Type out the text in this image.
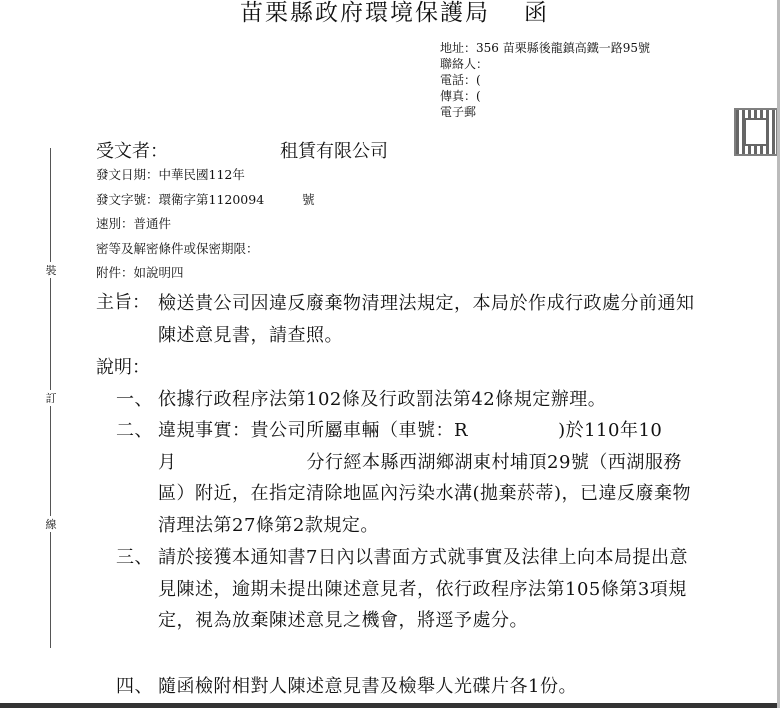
苗栗縣政府環境保護局 函
地址：356 苗栗縣後龍鎮高鐵一路95號
聯絡人：
電話：(
傳真：(
電子郵
裝
訂
線
受文者：	租賃有限公司
發文日期：中華民國112年
發文字號：環衛字第1120094	號
速別：普通件
密等及解密條件或保密期限：
附件：如說明四
主旨： 檢送貴公司因違反廢棄物清理法規定，本局於作成行政處分前通知陳述意見書，請查照。
說明：
一、 依據行政程序法第102條及行政罰法第42條規定辦理。
二、 違規事實：貴公司所屬車輛（車號：R	)於110年10
月	分行經本縣西湖鄉湖東村埔頂29號（西湖服務區）附近，在指定清除地區內污染水溝(拋棄菸蒂)，已違反廢棄物清理法第27條第2款規定。
三、 請於接獲本通知書7日內以書面方式就事實及法律上向本局提出意見陳述，逾期未提出陳述意見者，依行政程序法第105條第3項規定，視為放棄陳述意見之機會，將逕予處分。
四、 隨函檢附相對人陳述意見書及檢舉人光碟片各1份。
